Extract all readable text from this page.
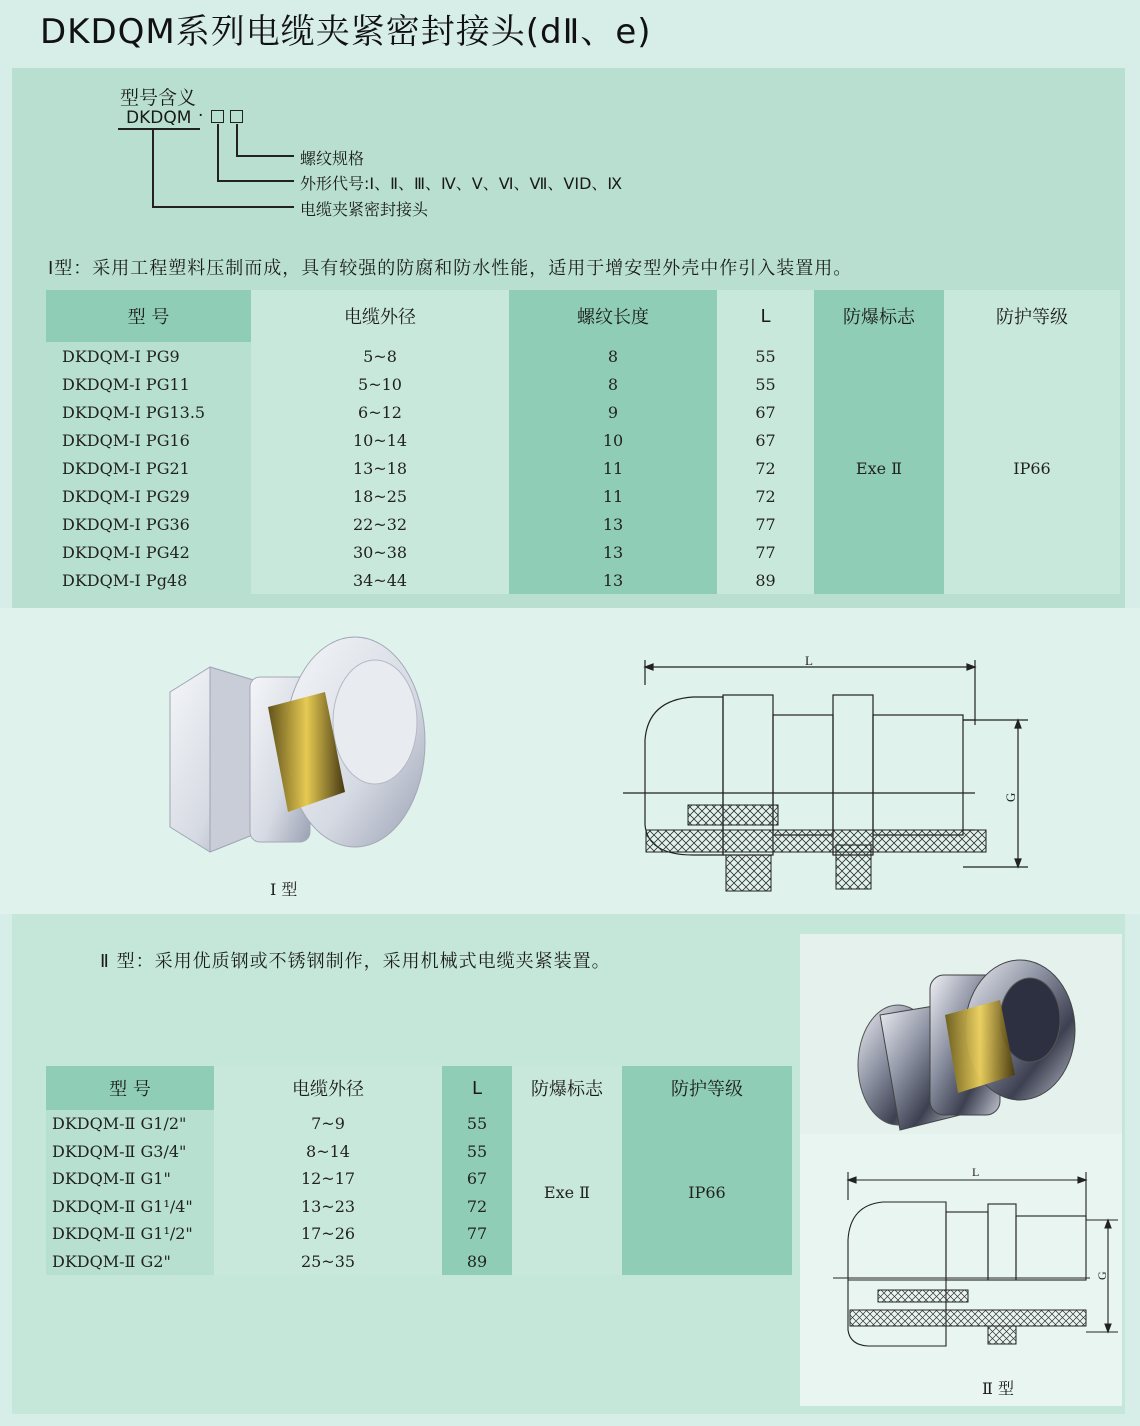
DKDQM系列电缆夹紧密封接头(dⅡ、e)
型号含义
DKDQM ·
螺纹规格
外形代号:Ⅰ、Ⅱ、Ⅲ、Ⅳ、Ⅴ、Ⅵ、Ⅶ、VID、Ⅸ
电缆夹紧密封接头
Ⅰ型：采用工程塑料压制而成，具有较强的防腐和防水性能，适用于增安型外壳中作引入装置用。
型 号	电缆外径	螺纹长度	L	防爆标志	防护等级
DKDQM-Ⅰ PG9	5~8	8	55	Exe Ⅱ	IP66
DKDQM-Ⅰ PG11	5~10	8	55		
DKDQM-Ⅰ PG13.5	6~12	9	67		
DKDQM-Ⅰ PG16	10~14	10	67		
DKDQM-Ⅰ PG21	13~18	11	72		
DKDQM-Ⅰ PG29	18~25	11	72		
DKDQM-Ⅰ PG36	22~32	13	77		
DKDQM-Ⅰ PG42	30~38	13	77		
DKDQM-Ⅰ Pg48	34~44	13	89		
Ⅰ 型
L
G
Ⅱ 型：采用优质钢或不锈钢制作，采用机械式电缆夹紧装置。
型 号	电缆外径	L	防爆标志	防护等级
DKDQM-Ⅱ G1/2"	7~9	55	Exe Ⅱ	IP66
DKDQM-Ⅱ G3/4"	8~14	55		
DKDQM-Ⅱ G1"	12~17	67		
DKDQM-Ⅱ G1¹/4"	13~23	72		
DKDQM-Ⅱ G1¹/2"	17~26	77		
DKDQM-Ⅱ G2"	25~35	89		
L
G
Ⅱ 型
